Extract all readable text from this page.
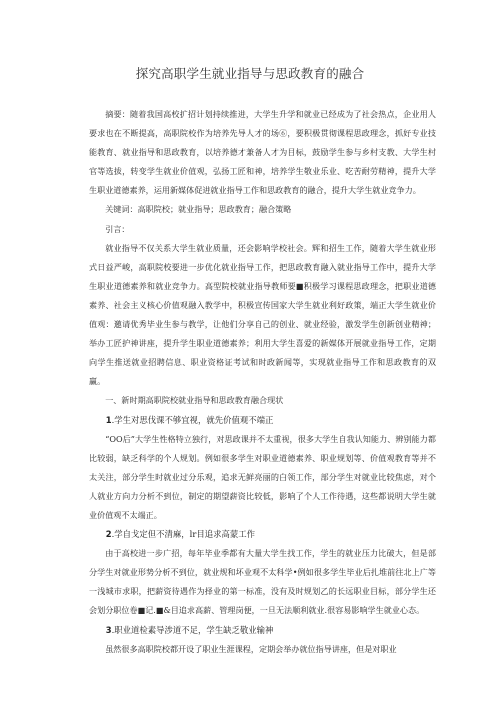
探究高职学生就业指导与思政教育的融合

摘要：随着我国高校扩招计划持续推进，大学生升学和就业已经成为了社会热点，企业用人要求也在不断提高，高职院校作为培养先导人才的场⑥，要积极贯彻课程思政理念，抓好专业技能教育、就业指导和思政教育，以培养德才兼备人才为目标，鼓励学生参与乡村支教、大学生村官等选拔，转变学生就业价值观，弘扬工匠和神，培养学生敬业乐业、吃苦耐劳精神，提升大学生职业道德素养，运用新媒体促进就业指导工作和思政教育的融合，提升大学生就业竞争力。

关键词：高职院校；就业指导；思政教育；融合策略

引言：

就业指导不仅关系大学生就业质量，还会影响学校社会。辉和招生工作，随着大学生就业形式日益严峻，高职院校要进一步优化就业指导工作，把思政教育融入就业指导工作中，提升大学生职业道德素养和就业竞争力。高型院校就业指导教师要■积极学习课程思政理念，把职业道德素养、社会主义核心价值观融入教学中，积极宣传国家大学生就业利好政策，端正大学生就业价值观：邀请优秀毕业生参与教学，让他们分享自己的创业、就业经验，激发学生创新创业精神；举办工匠护神讲座，提升学生职业道德素养；利用大学生喜爱的新媒体开展就业指导工作，定期向学生推送就业招聘信息、职业资格证考试和时政新闻等，实现就业指导工作和思政教育的双赢。

一、新时期高职院校就业指导和思政教育融合现状

1.学生对思伐课不够宜视，就先价值观不端正

“OO后”大学生性格特立独行，对思政课并不太重视，很多大学生自我认知能力、辨别能力都比较弱，缺乏科学的个人规划。例如很多学生对职业道德素养、职业规划等、价值观教育等并不太关注，部分学生时就业过分乐观，追求无鲜亮丽的白领工作，部分学生对就业比较焦虑，对个人就业方向力分析不到位，制定的期望薪资比较低，影响了个人工作待遇，这些都说明大学生就业价值观不太端正。

2.学自戈定但不清麻，lr目追求高蒙工作

由于高校进一步广招，每年毕业季都有大量大学生找工作，学生的就业压力比破大，但是部分学生对就业形势分析不到位，就业规和坏业观不太科学•例如很多学生毕业后扎堆前往北上广等一浅城市求职，把薪资待遇作为择业的第一标准，没有及时规划乙的长远职业目标，部分学生还会划分职位卷■记.■&目追求高薪、管理岗便，一旦无法顺利就业.很容易影响学生就业心态。

3.职业道检素导涉道不足，学生缺乏敬业输神

虽然很多高职院校都开设了职业生涯课程，定期会举办就位指导讲座，但是对职业
